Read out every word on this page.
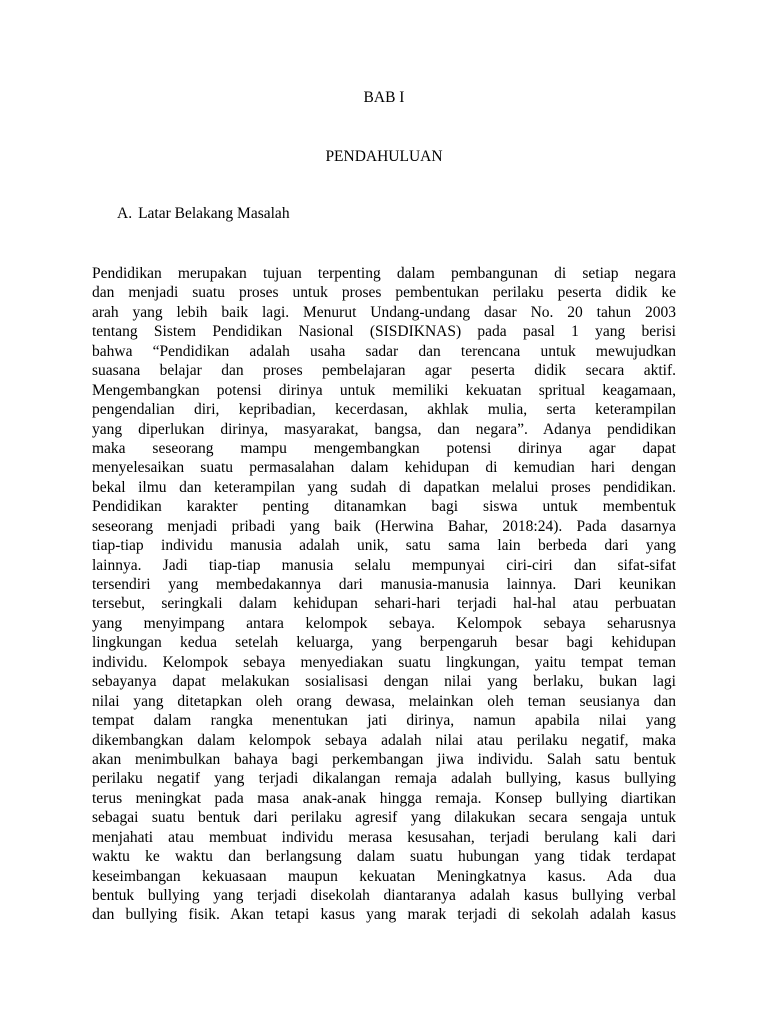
BAB I
PENDAHULUAN
A. Latar Belakang Masalah
Pendidikan merupakan tujuan terpenting dalam pembangunan di setiap negara
dan menjadi suatu proses untuk proses pembentukan perilaku peserta didik ke
arah yang lebih baik lagi. Menurut Undang-undang dasar No. 20 tahun 2003
tentang Sistem Pendidikan Nasional (SISDIKNAS) pada pasal 1 yang berisi
bahwa “Pendidikan adalah usaha sadar dan terencana untuk mewujudkan
suasana belajar dan proses pembelajaran agar peserta didik secara aktif.
Mengembangkan potensi dirinya untuk memiliki kekuatan spritual keagamaan,
pengendalian diri, kepribadian, kecerdasan, akhlak mulia, serta keterampilan
yang diperlukan dirinya, masyarakat, bangsa, dan negara”. Adanya pendidikan
maka seseorang mampu mengembangkan potensi dirinya agar dapat
menyelesaikan suatu permasalahan dalam kehidupan di kemudian hari dengan
bekal ilmu dan keterampilan yang sudah di dapatkan melalui proses pendidikan.
Pendidikan karakter penting ditanamkan bagi siswa untuk membentuk
seseorang menjadi pribadi yang baik (Herwina Bahar, 2018:24). Pada dasarnya
tiap-tiap individu manusia adalah unik, satu sama lain berbeda dari yang
lainnya. Jadi tiap-tiap manusia selalu mempunyai ciri-ciri dan sifat-sifat
tersendiri yang membedakannya dari manusia-manusia lainnya. Dari keunikan
tersebut, seringkali dalam kehidupan sehari-hari terjadi hal-hal atau perbuatan
yang menyimpang antara kelompok sebaya. Kelompok sebaya seharusnya
lingkungan kedua setelah keluarga, yang berpengaruh besar bagi kehidupan
individu. Kelompok sebaya menyediakan suatu lingkungan, yaitu tempat teman
sebayanya dapat melakukan sosialisasi dengan nilai yang berlaku, bukan lagi
nilai yang ditetapkan oleh orang dewasa, melainkan oleh teman seusianya dan
tempat dalam rangka menentukan jati dirinya, namun apabila nilai yang
dikembangkan dalam kelompok sebaya adalah nilai atau perilaku negatif, maka
akan menimbulkan bahaya bagi perkembangan jiwa individu. Salah satu bentuk
perilaku negatif yang terjadi dikalangan remaja adalah bullying, kasus bullying
terus meningkat pada masa anak-anak hingga remaja. Konsep bullying diartikan
sebagai suatu bentuk dari perilaku agresif yang dilakukan secara sengaja untuk
menjahati atau membuat individu merasa kesusahan, terjadi berulang kali dari
waktu ke waktu dan berlangsung dalam suatu hubungan yang tidak terdapat
keseimbangan kekuasaan maupun kekuatan Meningkatnya kasus. Ada dua
bentuk bullying yang terjadi disekolah diantaranya adalah kasus bullying verbal
dan bullying fisik. Akan tetapi kasus yang marak terjadi di sekolah adalah kasus
